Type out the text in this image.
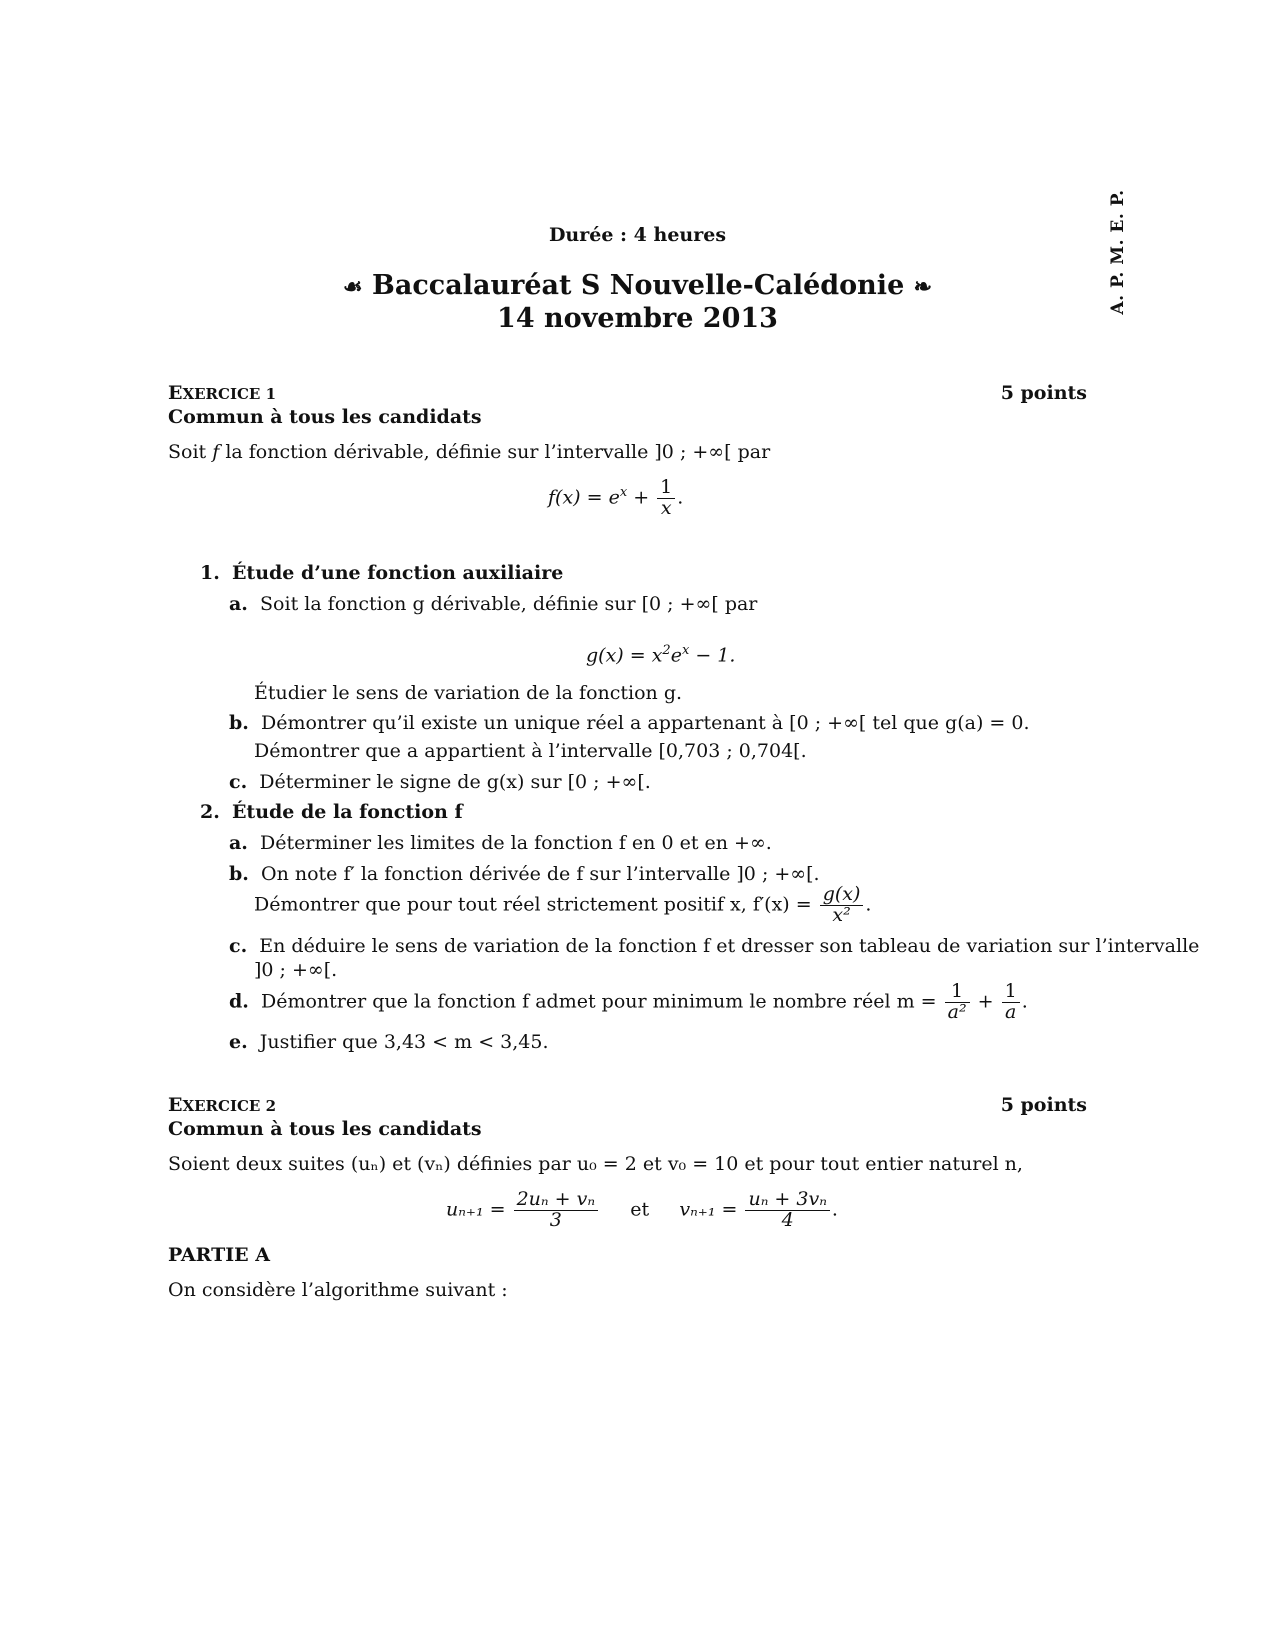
A. P. M. E. P.
Durée : 4 heures
☙ Baccalauréat S Nouvelle-Calédonie ❧
14 novembre 2013
EXERCICE 1	5 points
Commun à tous les candidats
Soit f la fonction dérivable, définie sur l’intervalle ]0 ; +∞[ par
$f(x) = e^x + \frac{1}{x}$ .
1. Étude d’une fonction auxiliaire
a. Soit la fonction g dérivable, définie sur [0 ; +∞[ par
$g(x) = x^2e^x - 1$.
Étudier le sens de variation de la fonction g.
b. Démontrer qu’il existe un unique réel a appartenant à [0 ; +∞[ tel que g(a) = 0.
Démontrer que a appartient à l’intervalle [0,703 ; 0,704[.
c. Déterminer le signe de g(x) sur [0 ; +∞[.
2. Étude de la fonction f
a. Déterminer les limites de la fonction f en 0 et en +∞.
b. On note f′ la fonction dérivée de f sur l’intervalle ]0 ; +∞[.
Démontrer que pour tout réel strictement positif x, $f'(x) = \frac{g(x)}{\text{x²}}$ .
c. En déduire le sens de variation de la fonction f et dresser son tableau de variation sur l’intervalle
]0 ; +∞[.
d. Démontrer que la fonction f admet pour minimum le nombre réel $m = \frac{1}{\text{a²}} + \frac{1}{a}$ .
e. Justifier que 3,43 < m < 3,45.
EXERCICE 2	5 points
Commun à tous les candidats
Soient deux suites (uₙ) et (vₙ) définies par u₀ = 2 et v₀ = 10 et pour tout entier naturel n,
$u_{n+1} = \frac{\text{2uₙ + vₙ}}{3}$ et $v_{n+1} = \frac{\text{uₙ + 3vₙ}}{4}$ .
PARTIE A
On considère l’algorithme suivant :
